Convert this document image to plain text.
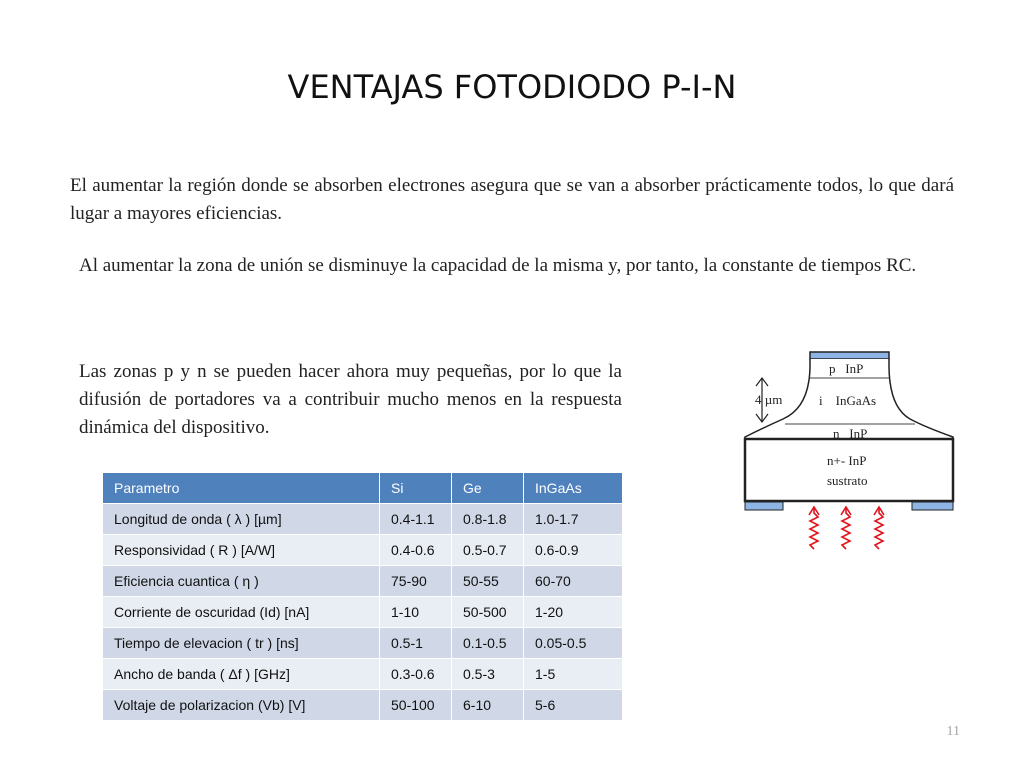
VENTAJAS FOTODIODO P-I-N

El aumentar la región donde se absorben electrones asegura que se van a absorber prácticamente todos, lo que dará lugar a mayores eficiencias.

Al aumentar la zona de unión se disminuye la capacidad de la misma y, por tanto, la constante de tiempos RC.

Las zonas p y n se pueden hacer ahora muy pequeñas, por lo que la difusión de portadores va a contribuir mucho menos en la respuesta dinámica del dispositivo.

4 µm
p   InP
i    InGaAs
n   InP
n+- InP
sustrato
Parametro	Si	Ge	InGaAs
Longitud de onda ( λ ) [µm]	0.4-1.1	0.8-1.8	1.0-1.7
Responsividad ( R ) [A/W]	0.4-0.6	0.5-0.7	0.6-0.9
Eficiencia cuantica ( η )	75-90	50-55	60-70
Corriente de oscuridad (Id) [nA]	1-10	50-500	1-20
Tiempo de elevacion ( tr ) [ns]	0.5-1	0.1-0.5	0.05-0.5
Ancho de banda ( Δf ) [GHz]	0.3-0.6	0.5-3	1-5
Voltaje de polarizacion (Vb) [V]	50-100	6-10	5-6
11
